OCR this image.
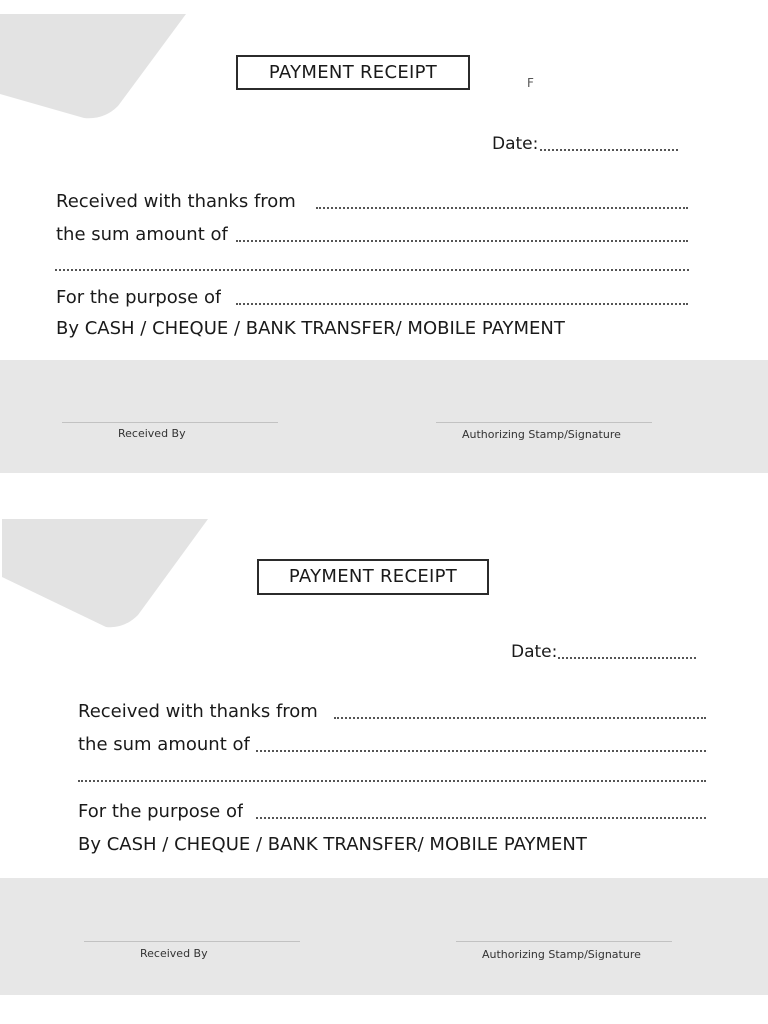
PAYMENT RECEIPT	F
Date:
Received with thanks from
the sum amount of
For the purpose of
By CASH / CHEQUE / BANK TRANSFER/ MOBILE PAYMENT
Received By	Authorizing Stamp/Signature
PAYMENT RECEIPT
Date:
Received with thanks from
the sum amount of
For the purpose of
By CASH / CHEQUE / BANK TRANSFER/ MOBILE PAYMENT
Received By	Authorizing Stamp/Signature
